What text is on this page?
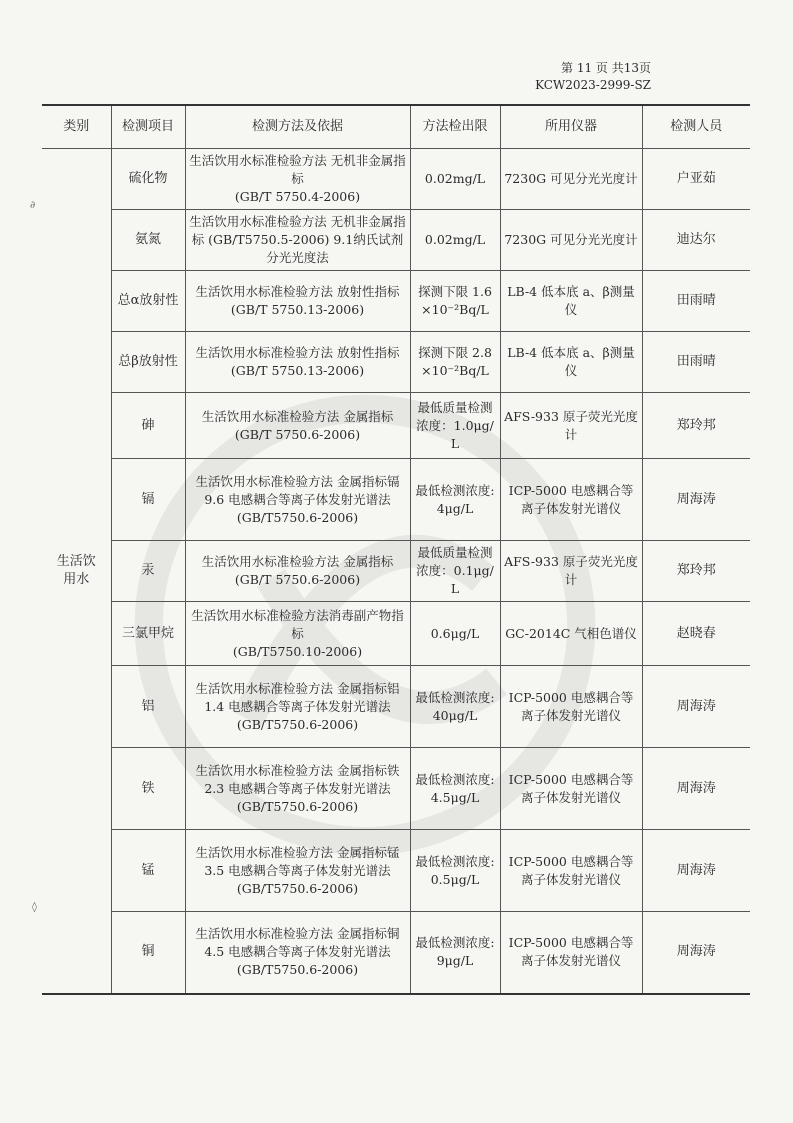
∂
◊
第 11 页 共13页
KCW2023-2999-SZ
类别	检测项目	检测方法及依据	方法检出限	所用仪器	检测人员
生活饮用水	硫化物	生活饮用水标准检验方法 无机非金属指标
(GB/T 5750.4-2006)	0.02mg/L	7230G 可见分光光度计	户亚茹
	氨氮	生活饮用水标准检验方法 无机非金属指标 (GB/T5750.5-2006) 9.1纳氏试剂分光光度法	0.02mg/L	7230G 可见分光光度计	迪达尔
	总α放射性	生活饮用水标准检验方法 放射性指标
(GB/T 5750.13-2006)	探测下限 1.6×10⁻²Bq/L	LB-4 低本底 a、β测量仪	田雨晴
	总β放射性	生活饮用水标准检验方法 放射性指标
(GB/T 5750.13-2006)	探测下限 2.8×10⁻²Bq/L	LB-4 低本底 a、β测量仪	田雨晴
	砷	生活饮用水标准检验方法 金属指标
(GB/T 5750.6-2006)	最低质量检测浓度：1.0μg/L	AFS-933 原子荧光光度计	郑玲邦
	镉	生活饮用水标准检验方法 金属指标镉 9.6 电感耦合等离子体发射光谱法
(GB/T5750.6-2006)	最低检测浓度:4μg/L	ICP-5000 电感耦合等离子体发射光谱仪	周海涛
	汞	生活饮用水标准检验方法 金属指标
(GB/T 5750.6-2006)	最低质量检测浓度：0.1μg/L	AFS-933 原子荧光光度计	郑玲邦
	三氯甲烷	生活饮用水标准检验方法消毒副产物指标
(GB/T5750.10-2006)	0.6μg/L	GC-2014C 气相色谱仪	赵晓春
	铝	生活饮用水标准检验方法 金属指标铝 1.4 电感耦合等离子体发射光谱法
(GB/T5750.6-2006)	最低检测浓度:40μg/L	ICP-5000 电感耦合等离子体发射光谱仪	周海涛
	铁	生活饮用水标准检验方法 金属指标铁 2.3 电感耦合等离子体发射光谱法
(GB/T5750.6-2006)	最低检测浓度:4.5μg/L	ICP-5000 电感耦合等离子体发射光谱仪	周海涛
	锰	生活饮用水标准检验方法 金属指标锰 3.5 电感耦合等离子体发射光谱法
(GB/T5750.6-2006)	最低检测浓度:0.5μg/L	ICP-5000 电感耦合等离子体发射光谱仪	周海涛
	铜	生活饮用水标准检验方法 金属指标铜 4.5 电感耦合等离子体发射光谱法
(GB/T5750.6-2006)	最低检测浓度:9μg/L	ICP-5000 电感耦合等离子体发射光谱仪	周海涛
